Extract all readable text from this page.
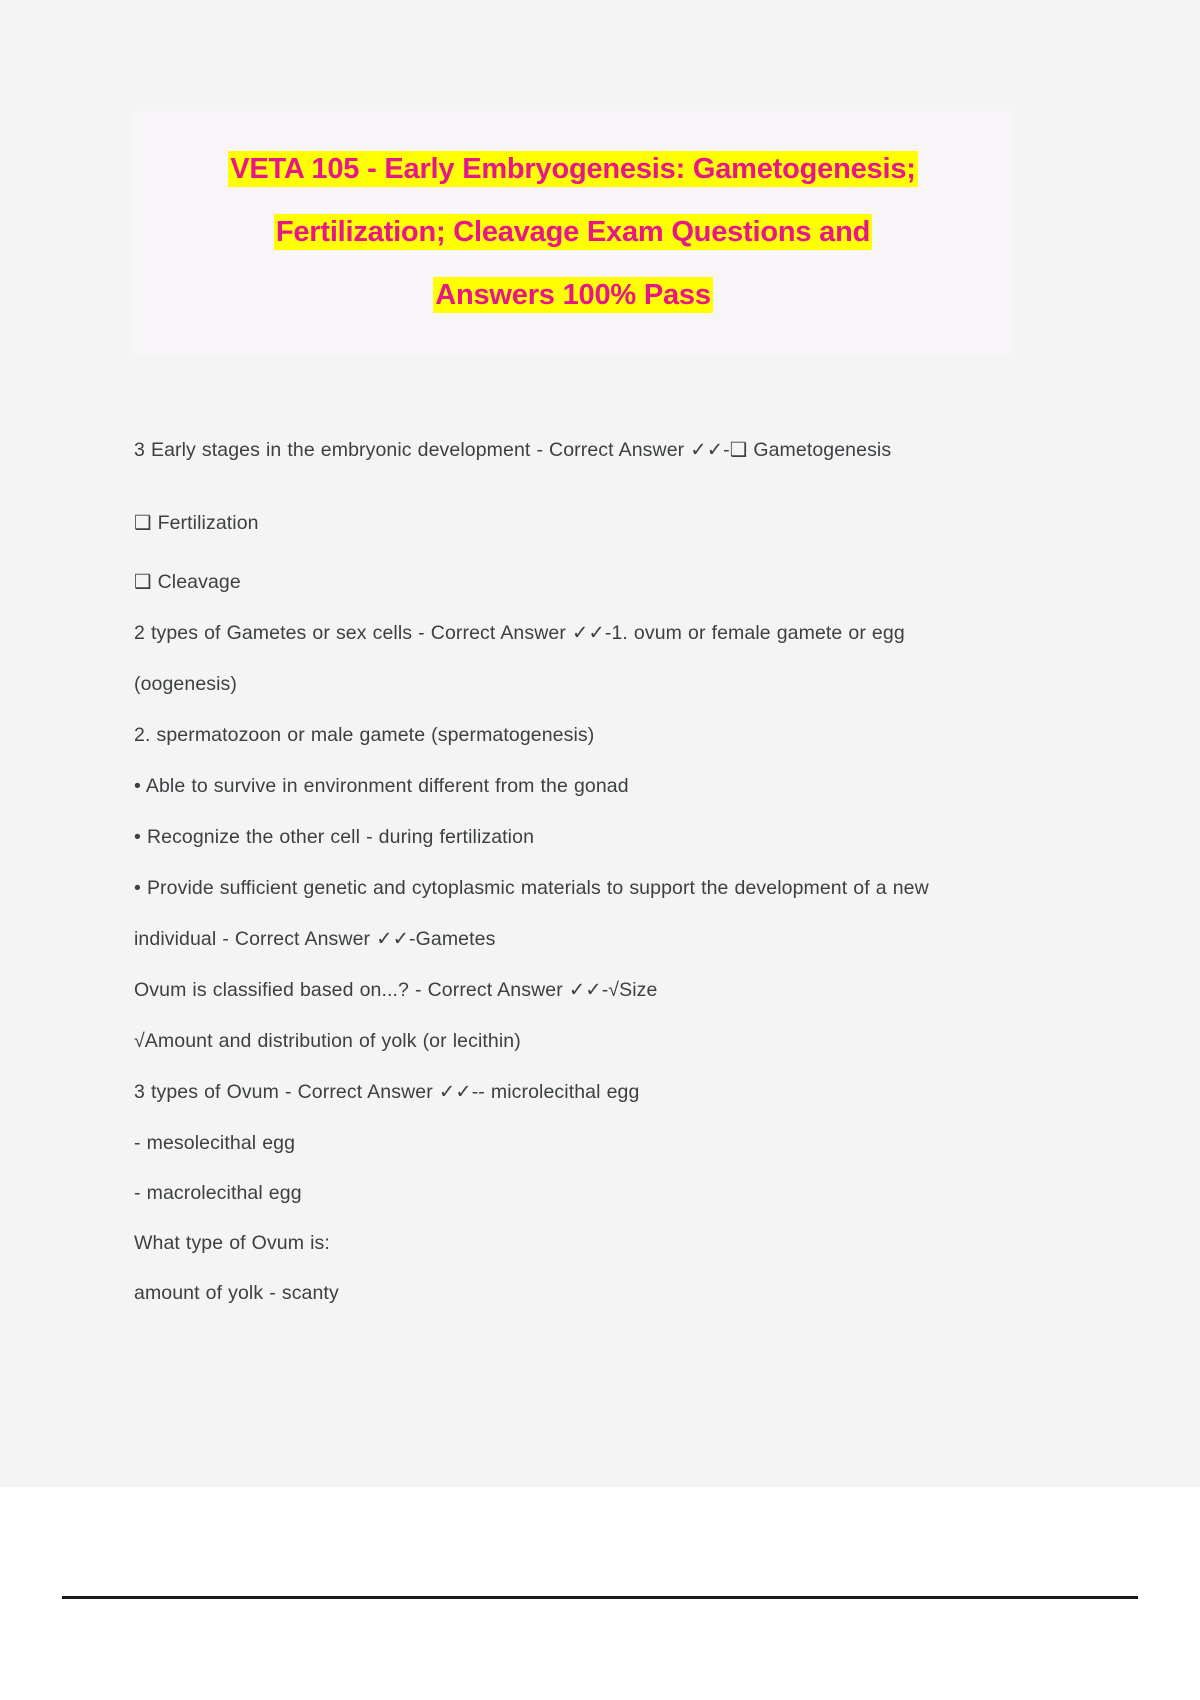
VETA 105 - Early Embryogenesis: Gametogenesis;
Fertilization; Cleavage Exam Questions and
Answers 100% Pass
3 Early stages in the embryonic development - Correct Answer ✓✓-❑ Gametogenesis
❑ Fertilization
❑ Cleavage
2 types of Gametes or sex cells - Correct Answer ✓✓-1. ovum or female gamete or egg (oogenesis)
2. spermatozoon or male gamete (spermatogenesis)
• Able to survive in environment different from the gonad
• Recognize the other cell - during fertilization
• Provide sufficient genetic and cytoplasmic materials to support the development of a new individual - Correct Answer ✓✓-Gametes
Ovum is classified based on...? - Correct Answer ✓✓-√Size
√Amount and distribution of yolk (or lecithin)
3 types of Ovum - Correct Answer ✓✓-- microlecithal egg
- mesolecithal egg
- macrolecithal egg
What type of Ovum is:
amount of yolk - scanty
